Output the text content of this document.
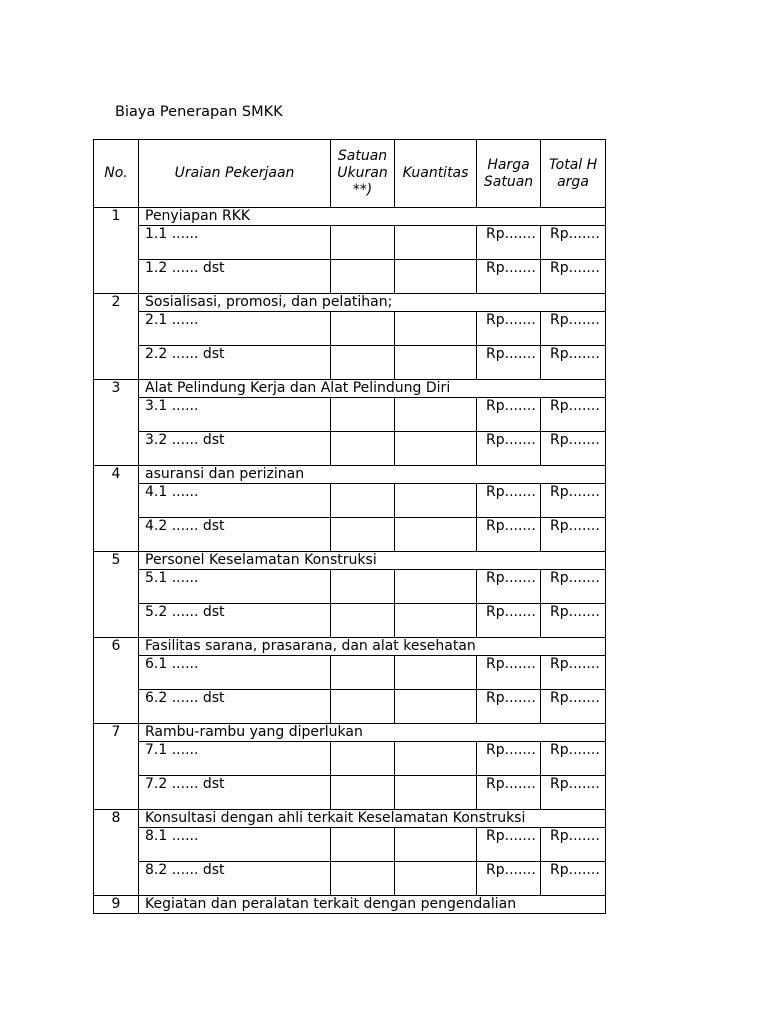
Biaya Penerapan SMKK
No.	Uraian Pekerjaan	Satuan Ukuran **)	Kuantitas	Harga Satuan	Total Harga
1	Penyiapan RKK				
	1.1 ......			Rp.......	Rp.......

	1.2 ...... dst			Rp.......	Rp.......

2	Sosialisasi, promosi, dan pelatihan;				
	2.1 ......			Rp.......	Rp.......

	2.2 ...... dst			Rp.......	Rp.......

3	Alat Pelindung Kerja dan Alat Pelindung Diri				
	3.1 ......			Rp.......	Rp.......

	3.2 ...... dst			Rp.......	Rp.......

4	asuransi dan perizinan				
	4.1 ......			Rp.......	Rp.......

	4.2 ...... dst			Rp.......	Rp.......

5	Personel Keselamatan Konstruksi				
	5.1 ......			Rp.......	Rp.......

	5.2 ...... dst			Rp.......	Rp.......

6	Fasilitas sarana, prasarana, dan alat kesehatan				
	6.1 ......			Rp.......	Rp.......

	6.2 ...... dst			Rp.......	Rp.......

7	Rambu-rambu yang diperlukan				
	7.1 ......			Rp.......	Rp.......

	7.2 ...... dst			Rp.......	Rp.......

8	Konsultasi dengan ahli terkait Keselamatan Konstruksi				
	8.1 ......			Rp.......	Rp.......

	8.2 ...... dst			Rp.......	Rp.......

9	Kegiatan dan peralatan terkait dengan pengendalian				
